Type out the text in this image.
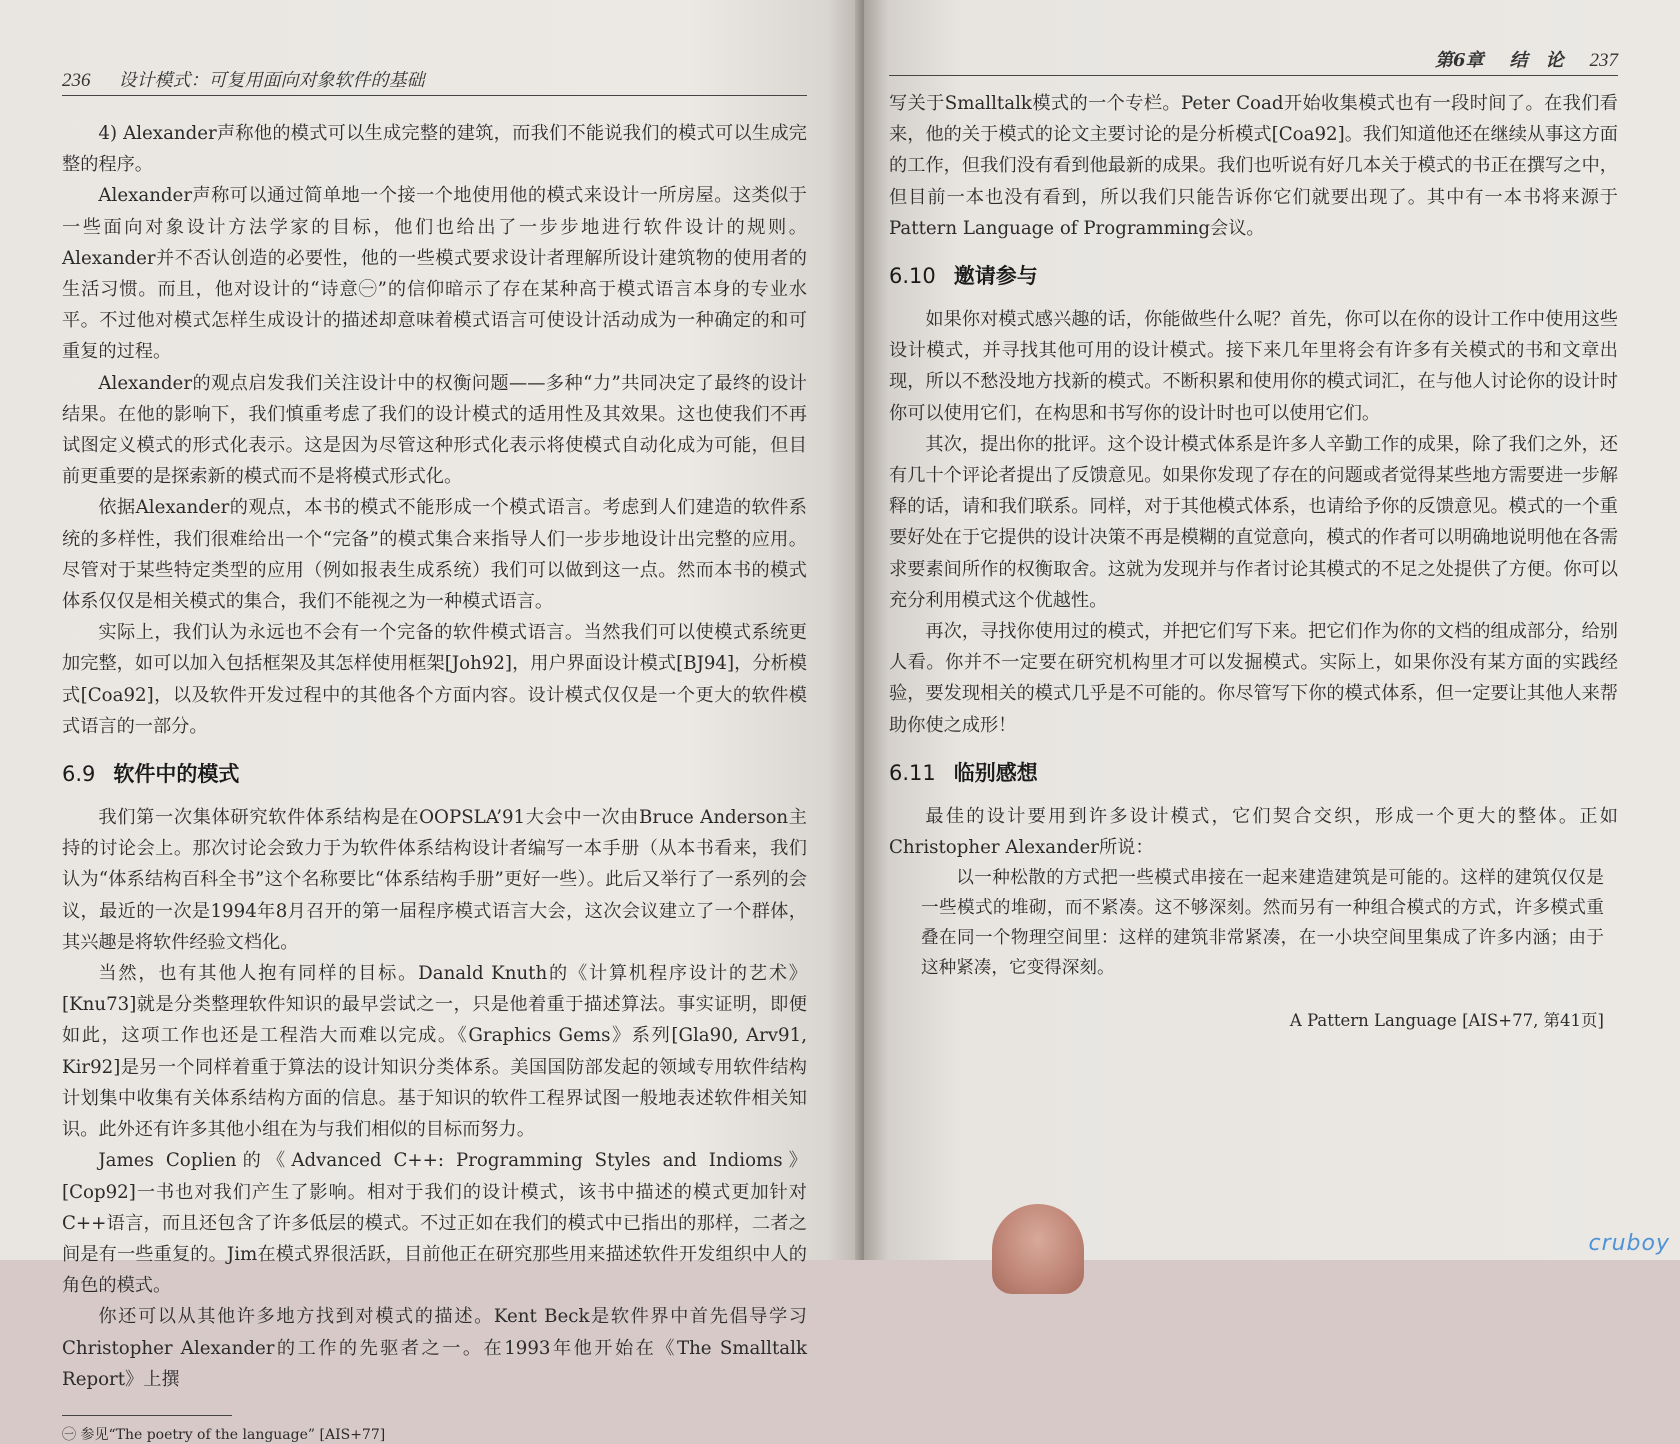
236 设计模式：可复用面向对象软件的基础

4) Alexander声称他的模式可以生成完整的建筑，而我们不能说我们的模式可以生成完整的程序。

Alexander声称可以通过简单地一个接一个地使用他的模式来设计一所房屋。这类似于一些面向对象设计方法学家的目标，他们也给出了一步步地进行软件设计的规则。Alexander并不否认创造的必要性，他的一些模式要求设计者理解所设计建筑物的使用者的生活习惯。而且，他对设计的“诗意㊀”的信仰暗示了存在某种高于模式语言本身的专业水平。不过他对模式怎样生成设计的描述却意味着模式语言可使设计活动成为一种确定的和可重复的过程。

Alexander的观点启发我们关注设计中的权衡问题——多种“力”共同决定了最终的设计结果。在他的影响下，我们慎重考虑了我们的设计模式的适用性及其效果。这也使我们不再试图定义模式的形式化表示。这是因为尽管这种形式化表示将使模式自动化成为可能，但目前更重要的是探索新的模式而不是将模式形式化。

依据Alexander的观点，本书的模式不能形成一个模式语言。考虑到人们建造的软件系统的多样性，我们很难给出一个“完备”的模式集合来指导人们一步步地设计出完整的应用。尽管对于某些特定类型的应用（例如报表生成系统）我们可以做到这一点。然而本书的模式体系仅仅是相关模式的集合，我们不能视之为一种模式语言。

实际上，我们认为永远也不会有一个完备的软件模式语言。当然我们可以使模式系统更加完整，如可以加入包括框架及其怎样使用框架[Joh92]，用户界面设计模式[BJ94]，分析模式[Coa92]，以及软件开发过程中的其他各个方面内容。设计模式仅仅是一个更大的软件模式语言的一部分。

6.9 软件中的模式

我们第一次集体研究软件体系结构是在OOPSLA’91大会中一次由Bruce Anderson主持的讨论会上。那次讨论会致力于为软件体系结构设计者编写一本手册（从本书看来，我们认为“体系结构百科全书”这个名称要比“体系结构手册”更好一些）。此后又举行了一系列的会议，最近的一次是1994年8月召开的第一届程序模式语言大会，这次会议建立了一个群体，其兴趣是将软件经验文档化。

当然，也有其他人抱有同样的目标。Danald Knuth的《计算机程序设计的艺术》[Knu73]就是分类整理软件知识的最早尝试之一，只是他着重于描述算法。事实证明，即便如此，这项工作也还是工程浩大而难以完成。《Graphics Gems》系列[Gla90, Arv91, Kir92]是另一个同样着重于算法的设计知识分类体系。美国国防部发起的领域专用软件结构计划集中收集有关体系结构方面的信息。基于知识的软件工程界试图一般地表述软件相关知识。此外还有许多其他小组在为与我们相似的目标而努力。

James Coplien的《Advanced C++: Programming Styles and Indioms》[Cop92]一书也对我们产生了影响。相对于我们的设计模式，该书中描述的模式更加针对C++语言，而且还包含了许多低层的模式。不过正如在我们的模式中已指出的那样，二者之间是有一些重复的。Jim在模式界很活跃，目前他正在研究那些用来描述软件开发组织中人的角色的模式。

你还可以从其他许多地方找到对模式的描述。Kent Beck是软件界中首先倡导学习Christopher Alexander的工作的先驱者之一。在1993年他开始在《The Smalltalk Report》上撰

㊀ 参见“The poetry of the language” [AIS+77]
第6章 结　论 237

写关于Smalltalk模式的一个专栏。Peter Coad开始收集模式也有一段时间了。在我们看来，他的关于模式的论文主要讨论的是分析模式[Coa92]。我们知道他还在继续从事这方面的工作，但我们没有看到他最新的成果。我们也听说有好几本关于模式的书正在撰写之中，但目前一本也没有看到，所以我们只能告诉你它们就要出现了。其中有一本书将来源于Pattern Language of Programming会议。

6.10 邀请参与

如果你对模式感兴趣的话，你能做些什么呢？首先，你可以在你的设计工作中使用这些设计模式，并寻找其他可用的设计模式。接下来几年里将会有许多有关模式的书和文章出现，所以不愁没地方找新的模式。不断积累和使用你的模式词汇，在与他人讨论你的设计时你可以使用它们，在构思和书写你的设计时也可以使用它们。

其次，提出你的批评。这个设计模式体系是许多人辛勤工作的成果，除了我们之外，还有几十个评论者提出了反馈意见。如果你发现了存在的问题或者觉得某些地方需要进一步解释的话，请和我们联系。同样，对于其他模式体系，也请给予你的反馈意见。模式的一个重要好处在于它提供的设计决策不再是模糊的直觉意向，模式的作者可以明确地说明他在各需求要素间所作的权衡取舍。这就为发现并与作者讨论其模式的不足之处提供了方便。你可以充分利用模式这个优越性。

再次，寻找你使用过的模式，并把它们写下来。把它们作为你的文档的组成部分，给别人看。你并不一定要在研究机构里才可以发掘模式。实际上，如果你没有某方面的实践经验，要发现相关的模式几乎是不可能的。你尽管写下你的模式体系，但一定要让其他人来帮助你使之成形！

6.11 临别感想

最佳的设计要用到许多设计模式，它们契合交织，形成一个更大的整体。正如Christopher Alexander所说：

以一种松散的方式把一些模式串接在一起来建造建筑是可能的。这样的建筑仅仅是一些模式的堆砌，而不紧凑。这不够深刻。然而另有一种组合模式的方式，许多模式重叠在同一个物理空间里：这样的建筑非常紧凑，在一小块空间里集成了许多内涵；由于这种紧凑，它变得深刻。
A Pattern Language [AIS+77, 第41页]
cruboy
